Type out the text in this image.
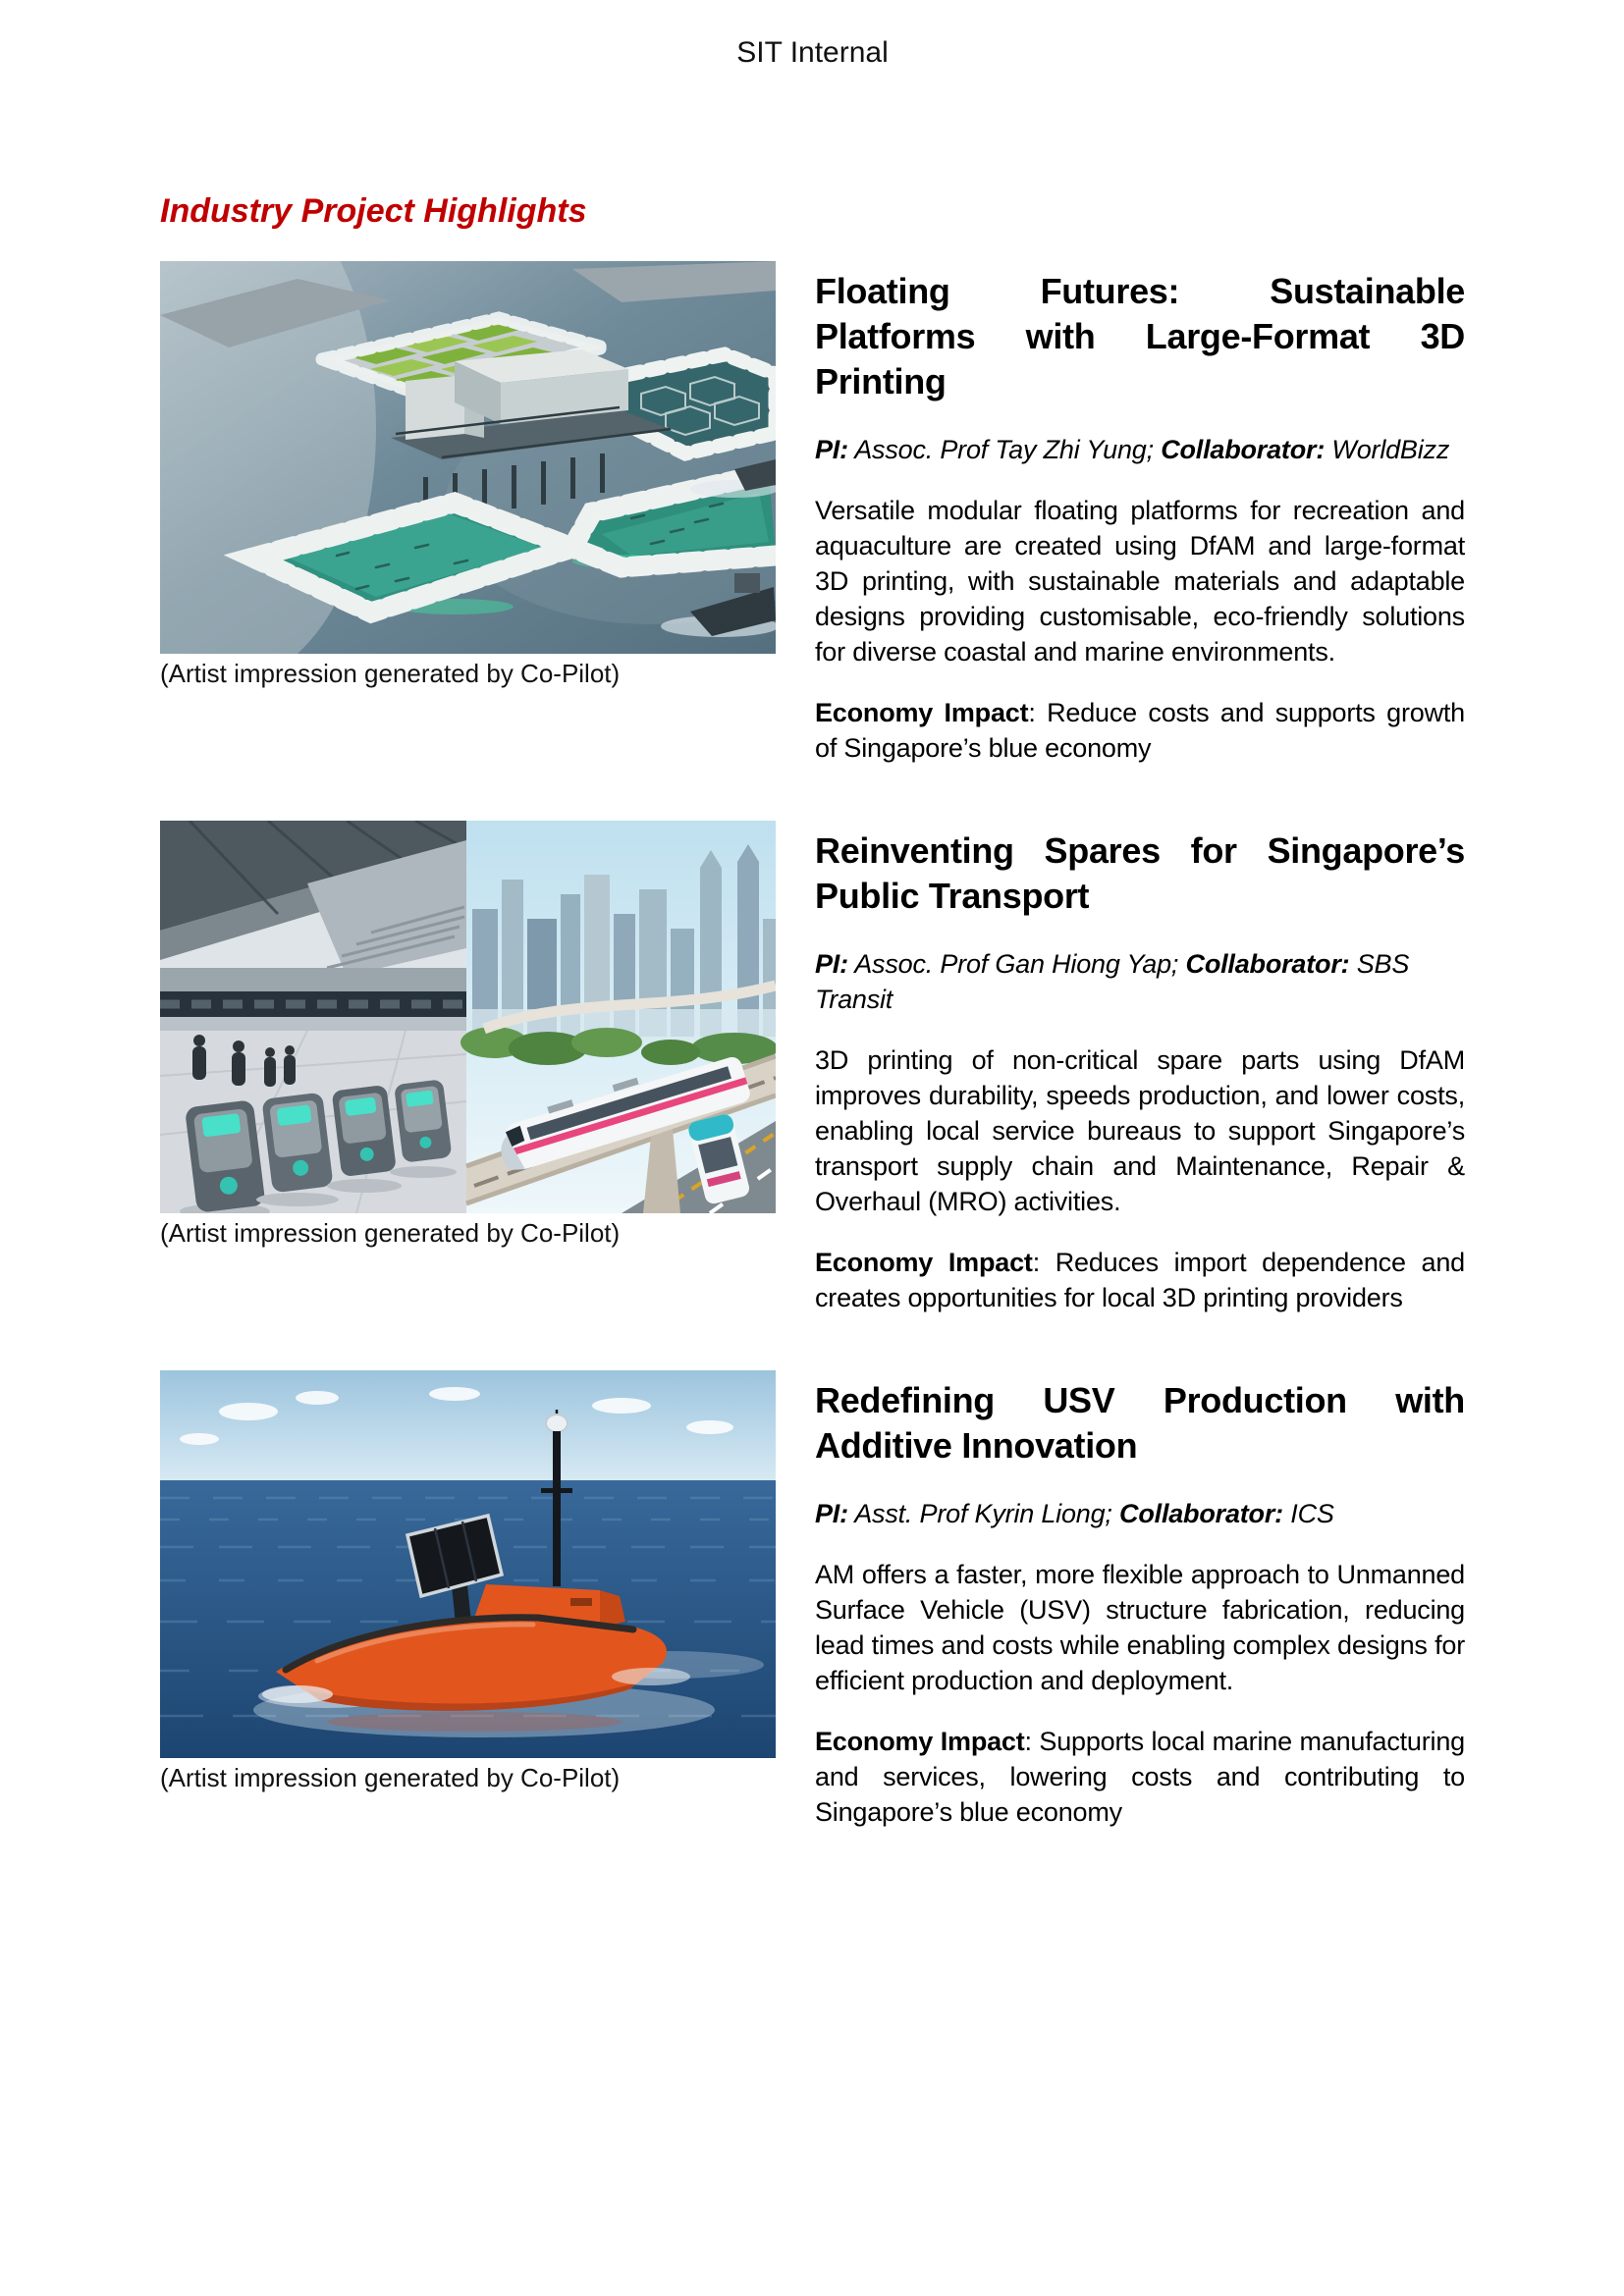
SIT Internal
Industry Project Highlights
(Artist impression generated by Co-Pilot)
Floating Futures: Sustainable Platforms with Large-Format 3D Printing

PI: Assoc. Prof Tay Zhi Yung; Collaborator: WorldBizz

Versatile modular floating platforms for recreation and aquaculture are created using DfAM and large-format 3D printing, with sustainable materials and adaptable designs providing customisable, eco-friendly solutions for diverse coastal and marine environments.

Economy Impact: Reduce costs and supports growth of Singapore’s blue economy

(Artist impression generated by Co-Pilot)
Reinventing Spares for Singapore’s Public Transport

PI: Assoc. Prof Gan Hiong Yap; Collaborator: SBS Transit

3D printing of non-critical spare parts using DfAM improves durability, speeds production, and lower costs, enabling local service bureaus to support Singapore’s transport supply chain and Maintenance, Repair & Overhaul (MRO) activities.

Economy Impact: Reduces import dependence and creates opportunities for local 3D printing providers

(Artist impression generated by Co-Pilot)
Redefining USV Production with Additive Innovation

PI: Asst. Prof Kyrin Liong; Collaborator: ICS

AM offers a faster, more flexible approach to Unmanned Surface Vehicle (USV) structure fabrication, reducing lead times and costs while enabling complex designs for efficient production and deployment.

Economy Impact: Supports local marine manufacturing and services, lowering costs and contributing to Singapore’s blue economy
